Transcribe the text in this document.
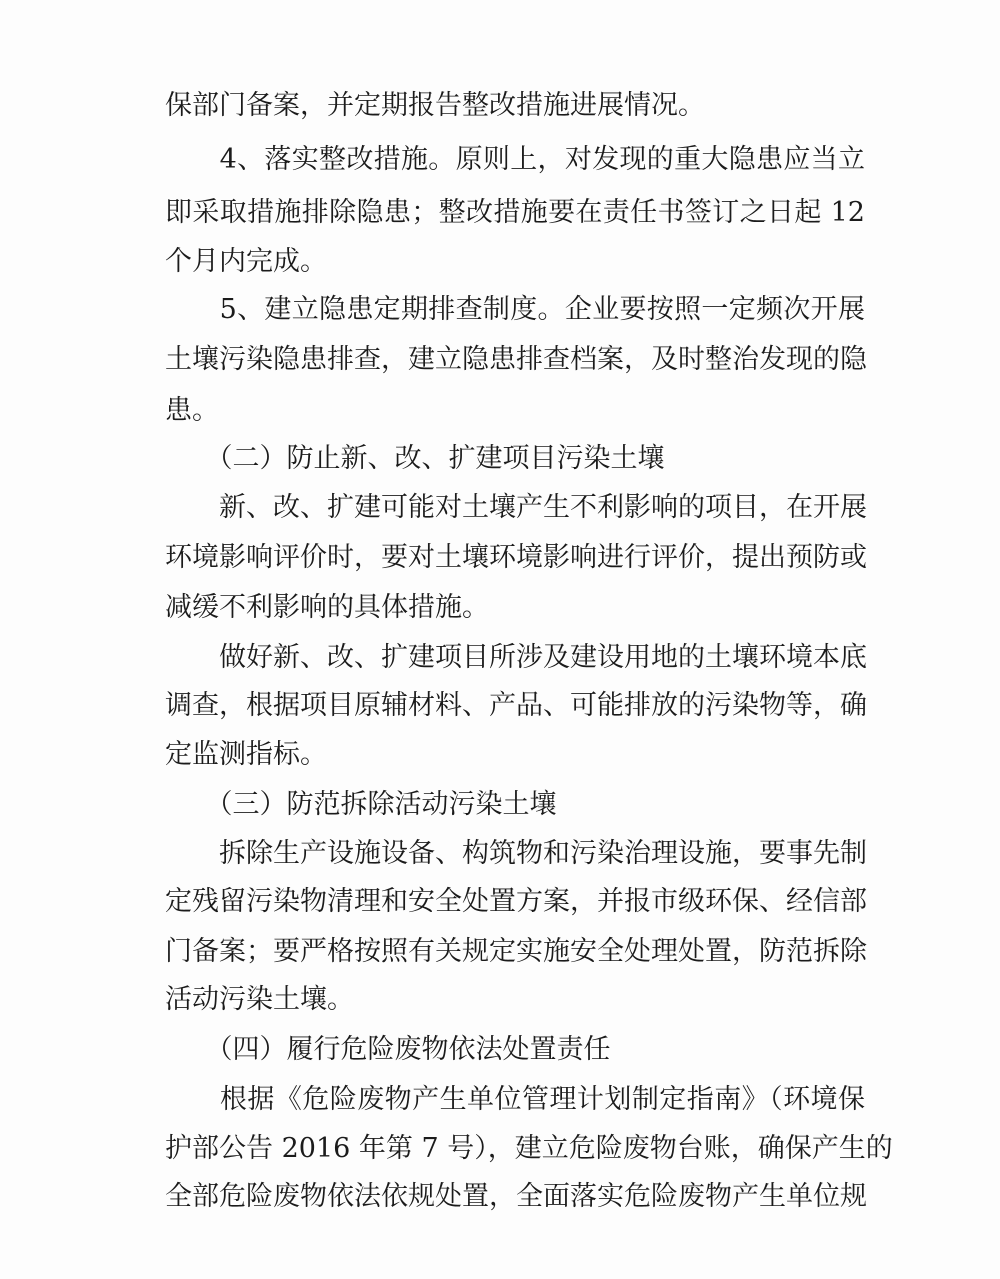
保部门备案，并定期报告整改措施进展情况。
　　4、落实整改措施。原则上，对发现的重大隐患应当立
即采取措施排除隐患；整改措施要在责任书签订之日起 12
个月内完成。
　　5、建立隐患定期排查制度。企业要按照一定频次开展
土壤污染隐患排查，建立隐患排查档案，及时整治发现的隐
患。
　　（二）防止新、改、扩建项目污染土壤
　　新、改、扩建可能对土壤产生不利影响的项目，在开展
环境影响评价时，要对土壤环境影响进行评价，提出预防或
减缓不利影响的具体措施。
　　做好新、改、扩建项目所涉及建设用地的土壤环境本底
调查，根据项目原辅材料、产品、可能排放的污染物等，确
定监测指标。
　　（三）防范拆除活动污染土壤
　　拆除生产设施设备、构筑物和污染治理设施，要事先制
定残留污染物清理和安全处置方案，并报市级环保、经信部
门备案；要严格按照有关规定实施安全处理处置，防范拆除
活动污染土壤。
　　（四）履行危险废物依法处置责任
　　根据《危险废物产生单位管理计划制定指南》（环境保
护部公告 2016 年第 7 号），建立危险废物台账，确保产生的
全部危险废物依法依规处置，全面落实危险废物产生单位规
